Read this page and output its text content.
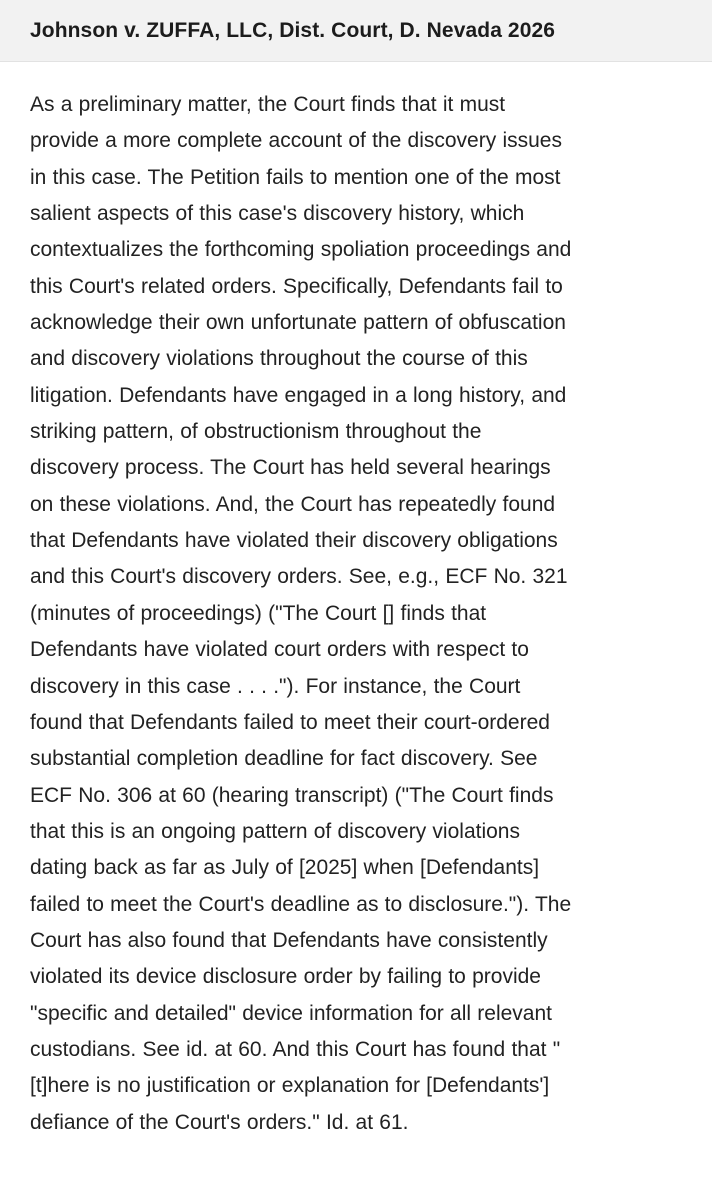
Johnson v. ZUFFA, LLC, Dist. Court, D. Nevada 2026

As a preliminary matter, the Court finds that it must
provide a more complete account of the discovery issues
in this case. The Petition fails to mention one of the most
salient aspects of this case's discovery history, which
contextualizes the forthcoming spoliation proceedings and
this Court's related orders. Specifically, Defendants fail to
acknowledge their own unfortunate pattern of obfuscation
and discovery violations throughout the course of this
litigation. Defendants have engaged in a long history, and
striking pattern, of obstructionism throughout the
discovery process. The Court has held several hearings
on these violations. And, the Court has repeatedly found
that Defendants have violated their discovery obligations
and this Court's discovery orders. See, e.g., ECF No. 321
(minutes of proceedings) ("The Court [] finds that
Defendants have violated court orders with respect to
discovery in this case . . . ."). For instance, the Court
found that Defendants failed to meet their court-ordered
substantial completion deadline for fact discovery. See
ECF No. 306 at 60 (hearing transcript) ("The Court finds
that this is an ongoing pattern of discovery violations
dating back as far as July of [2025] when [Defendants]
failed to meet the Court's deadline as to disclosure."). The
Court has also found that Defendants have consistently
violated its device disclosure order by failing to provide
"specific and detailed" device information for all relevant
custodians. See id. at 60. And this Court has found that "
[t]here is no justification or explanation for [Defendants']
defiance of the Court's orders." Id. at 61.
